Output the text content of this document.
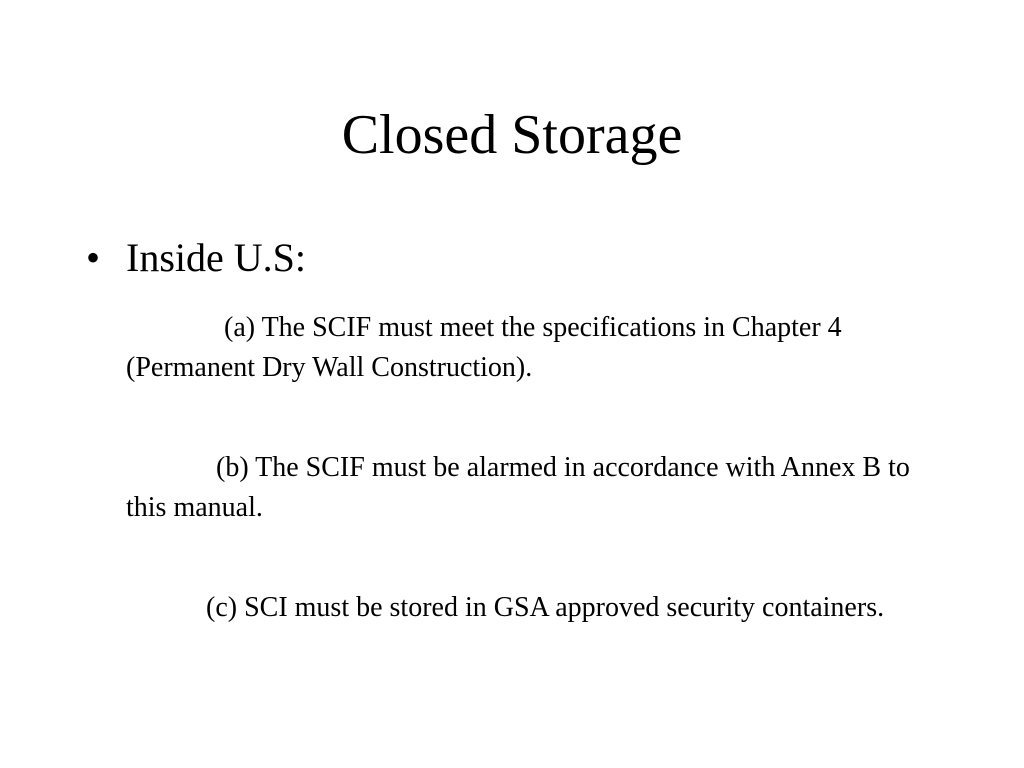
Closed Storage
• Inside U.S:

(a) The SCIF must meet the specifications in Chapter 4 (Permanent Dry Wall Construction).

(b) The SCIF must be alarmed in accordance with Annex B to this manual.

(c) SCI must be stored in GSA approved security containers.
